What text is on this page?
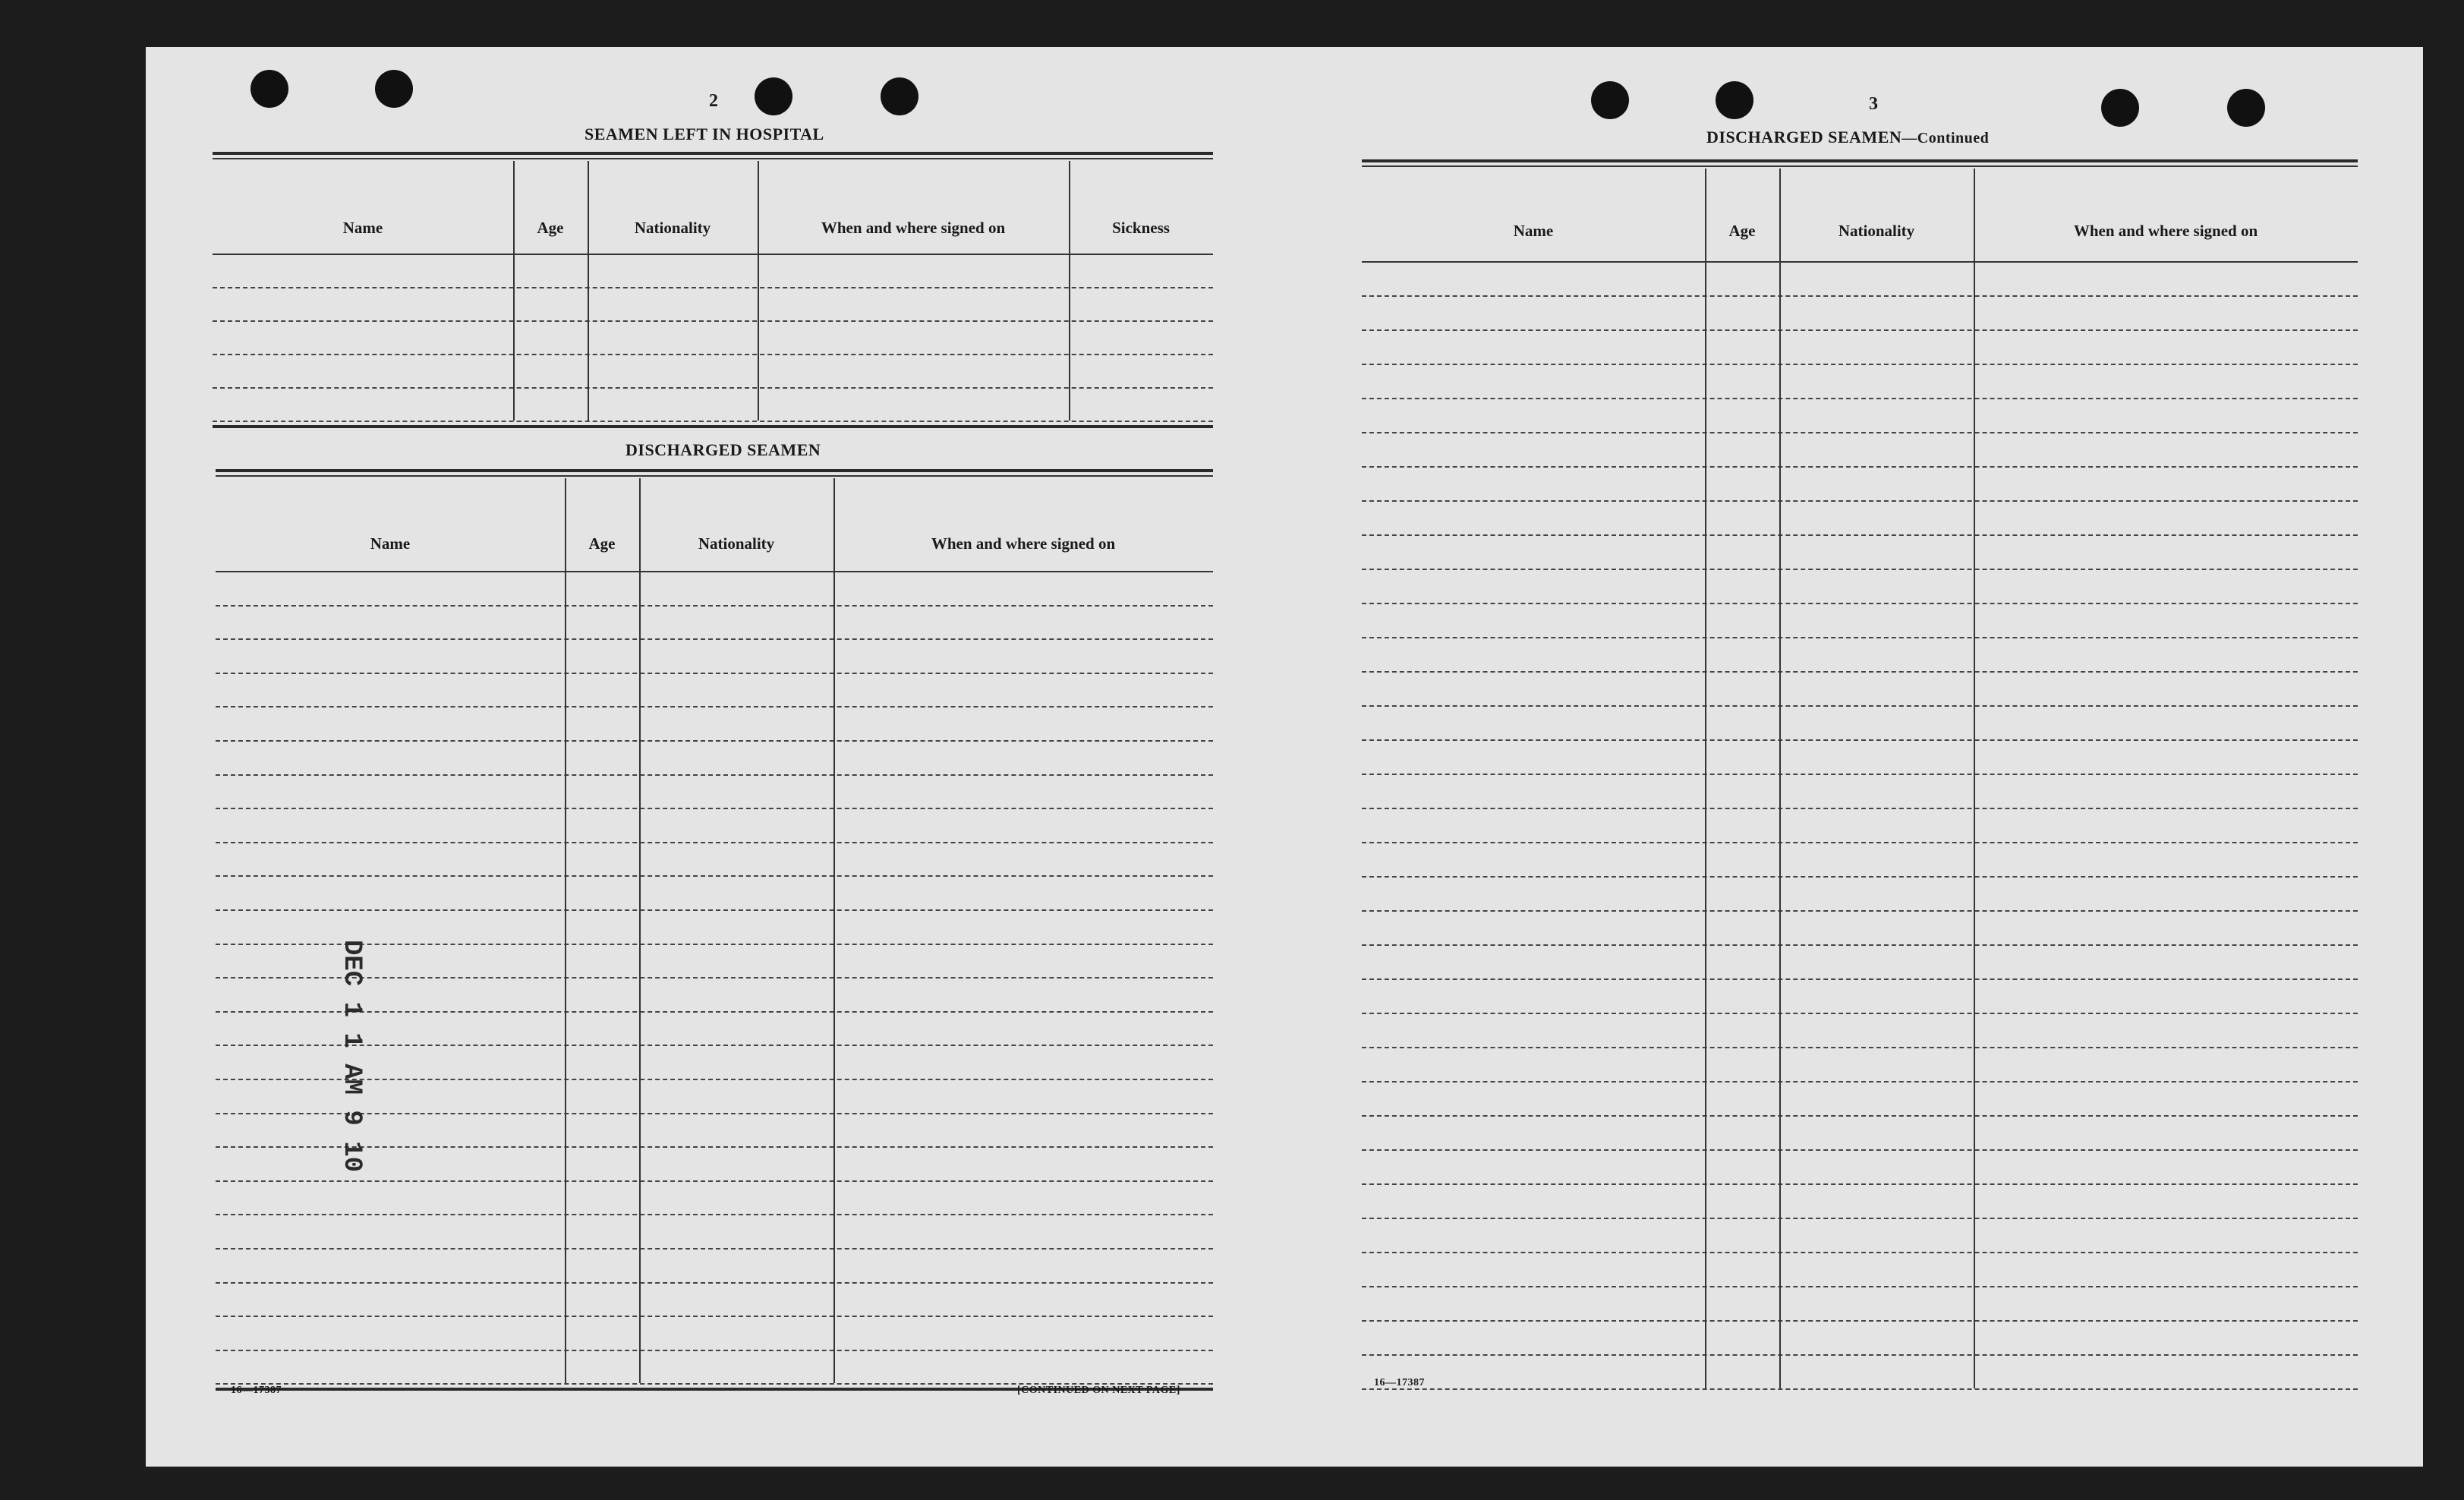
2
SEAMEN LEFT IN HOSPITAL
Name	Age	Nationality	When and where signed on	Sickness
DISCHARGED SEAMEN
Name	Age	Nationality	When and where signed on
DEC 1 1 AM 9 10
16—17387	[CONTINUED ON NEXT PAGE]
3
DISCHARGED SEAMEN—Continued
Name	Age	Nationality	When and where signed on
16—17387
